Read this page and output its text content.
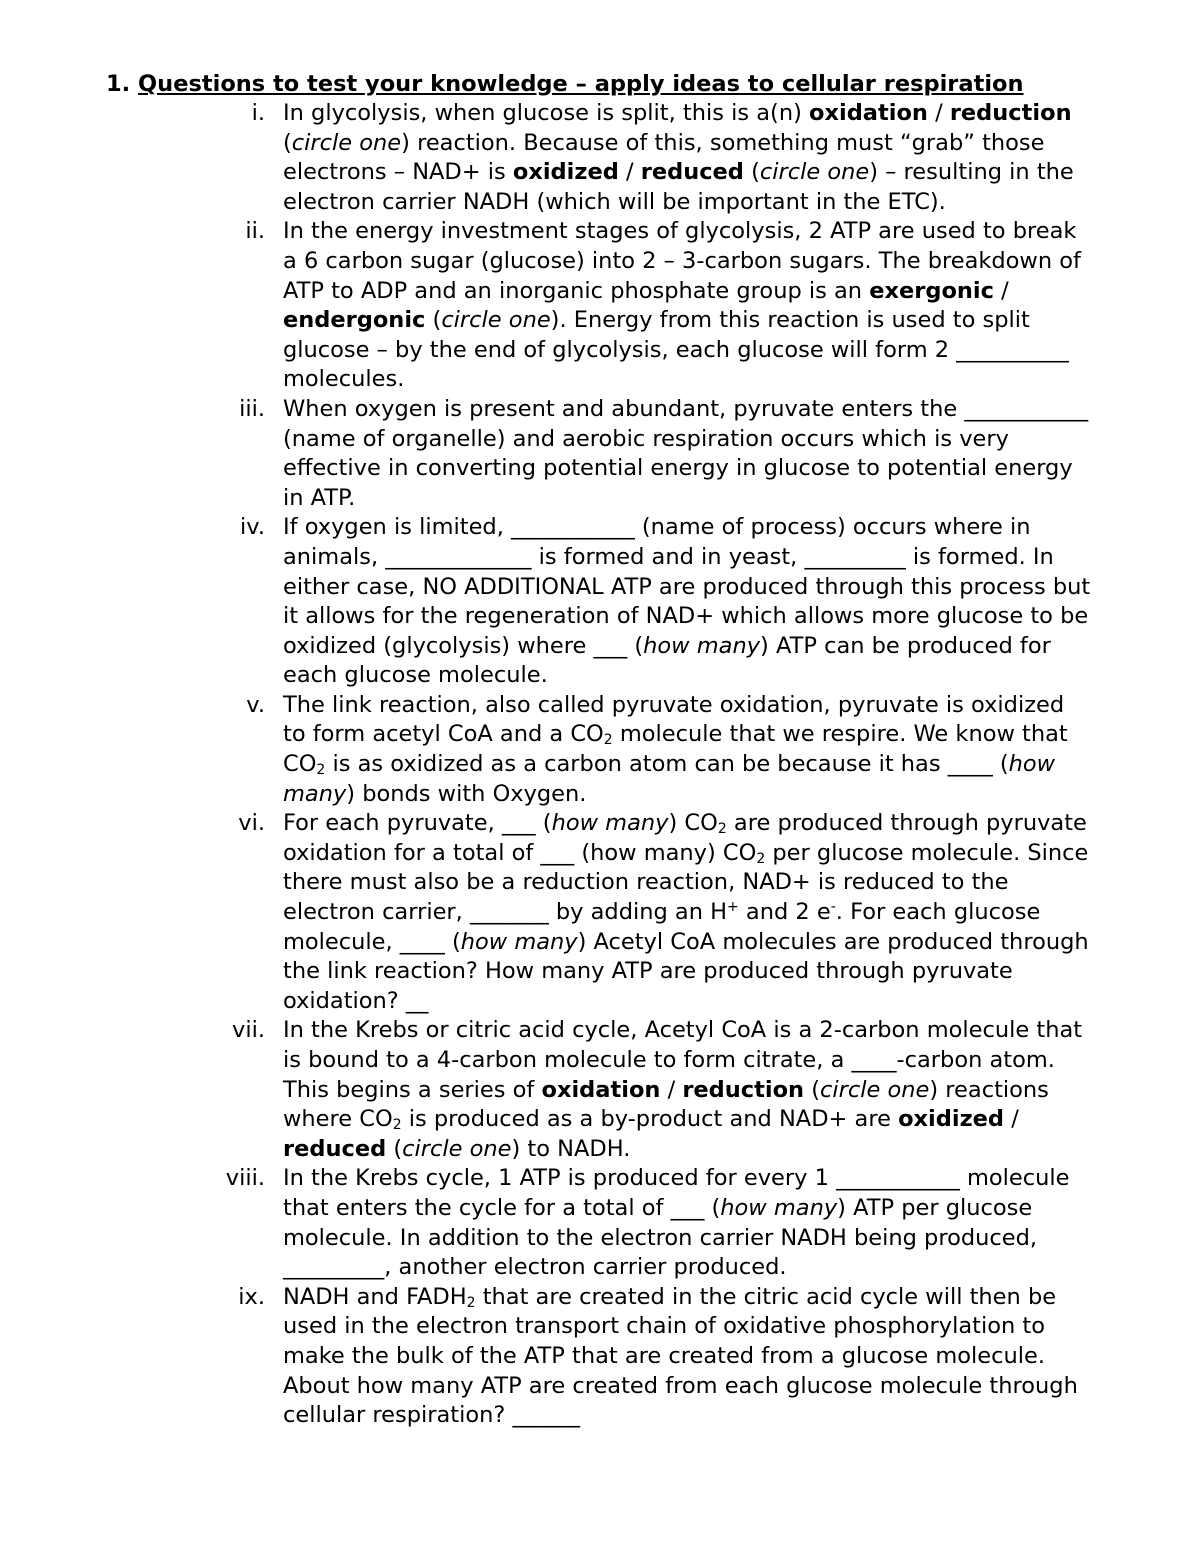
1. Questions to test your knowledge – apply ideas to cellular respiration
i. In glycolysis, when glucose is split, this is a(n) oxidation / reduction
(circle one) reaction. Because of this, something must “grab” those
electrons – NAD+ is oxidized / reduced (circle one) – resulting in the
electron carrier NADH (which will be important in the ETC).
ii. In the energy investment stages of glycolysis, 2 ATP are used to break
a 6 carbon sugar (glucose) into 2 – 3-carbon sugars. The breakdown of
ATP to ADP and an inorganic phosphate group is an exergonic /
endergonic (circle one). Energy from this reaction is used to split
glucose – by the end of glycolysis, each glucose will form 2 __________
molecules.
iii. When oxygen is present and abundant, pyruvate enters the ___________
(name of organelle) and aerobic respiration occurs which is very
effective in converting potential energy in glucose to potential energy
in ATP.
iv. If oxygen is limited, ___________ (name of process) occurs where in
animals, _____________ is formed and in yeast, _________ is formed. In
either case, NO ADDITIONAL ATP are produced through this process but
it allows for the regeneration of NAD+ which allows more glucose to be
oxidized (glycolysis) where ___ (how many) ATP can be produced for
each glucose molecule.
v. The link reaction, also called pyruvate oxidation, pyruvate is oxidized
to form acetyl CoA and a $CO_2$ molecule that we respire. We know that
$CO_2$ is as oxidized as a carbon atom can be because it has ____ (how
many) bonds with Oxygen.
vi. For each pyruvate, ___ (how many) $CO_2$ are produced through pyruvate
oxidation for a total of ___ (how many) $CO_2$ per glucose molecule. Since
there must also be a reduction reaction, NAD+ is reduced to the
electron carrier, _______ by adding an H+ and 2 e-. For each glucose
molecule, ____ (how many) Acetyl CoA molecules are produced through
the link reaction? How many ATP are produced through pyruvate
oxidation? __
vii. In the Krebs or citric acid cycle, Acetyl CoA is a 2-carbon molecule that
is bound to a 4-carbon molecule to form citrate, a ____-carbon atom.
This begins a series of oxidation / reduction (circle one) reactions
where $CO_2$ is produced as a by-product and NAD+ are oxidized /
reduced (circle one) to NADH.
viii. In the Krebs cycle, 1 ATP is produced for every 1 ___________ molecule
that enters the cycle for a total of ___ (how many) ATP per glucose
molecule. In addition to the electron carrier NADH being produced,
_________, another electron carrier produced.
ix. NADH and $FADH_2$ that are created in the citric acid cycle will then be
used in the electron transport chain of oxidative phosphorylation to
make the bulk of the ATP that are created from a glucose molecule.
About how many ATP are created from each glucose molecule through
cellular respiration? ______
